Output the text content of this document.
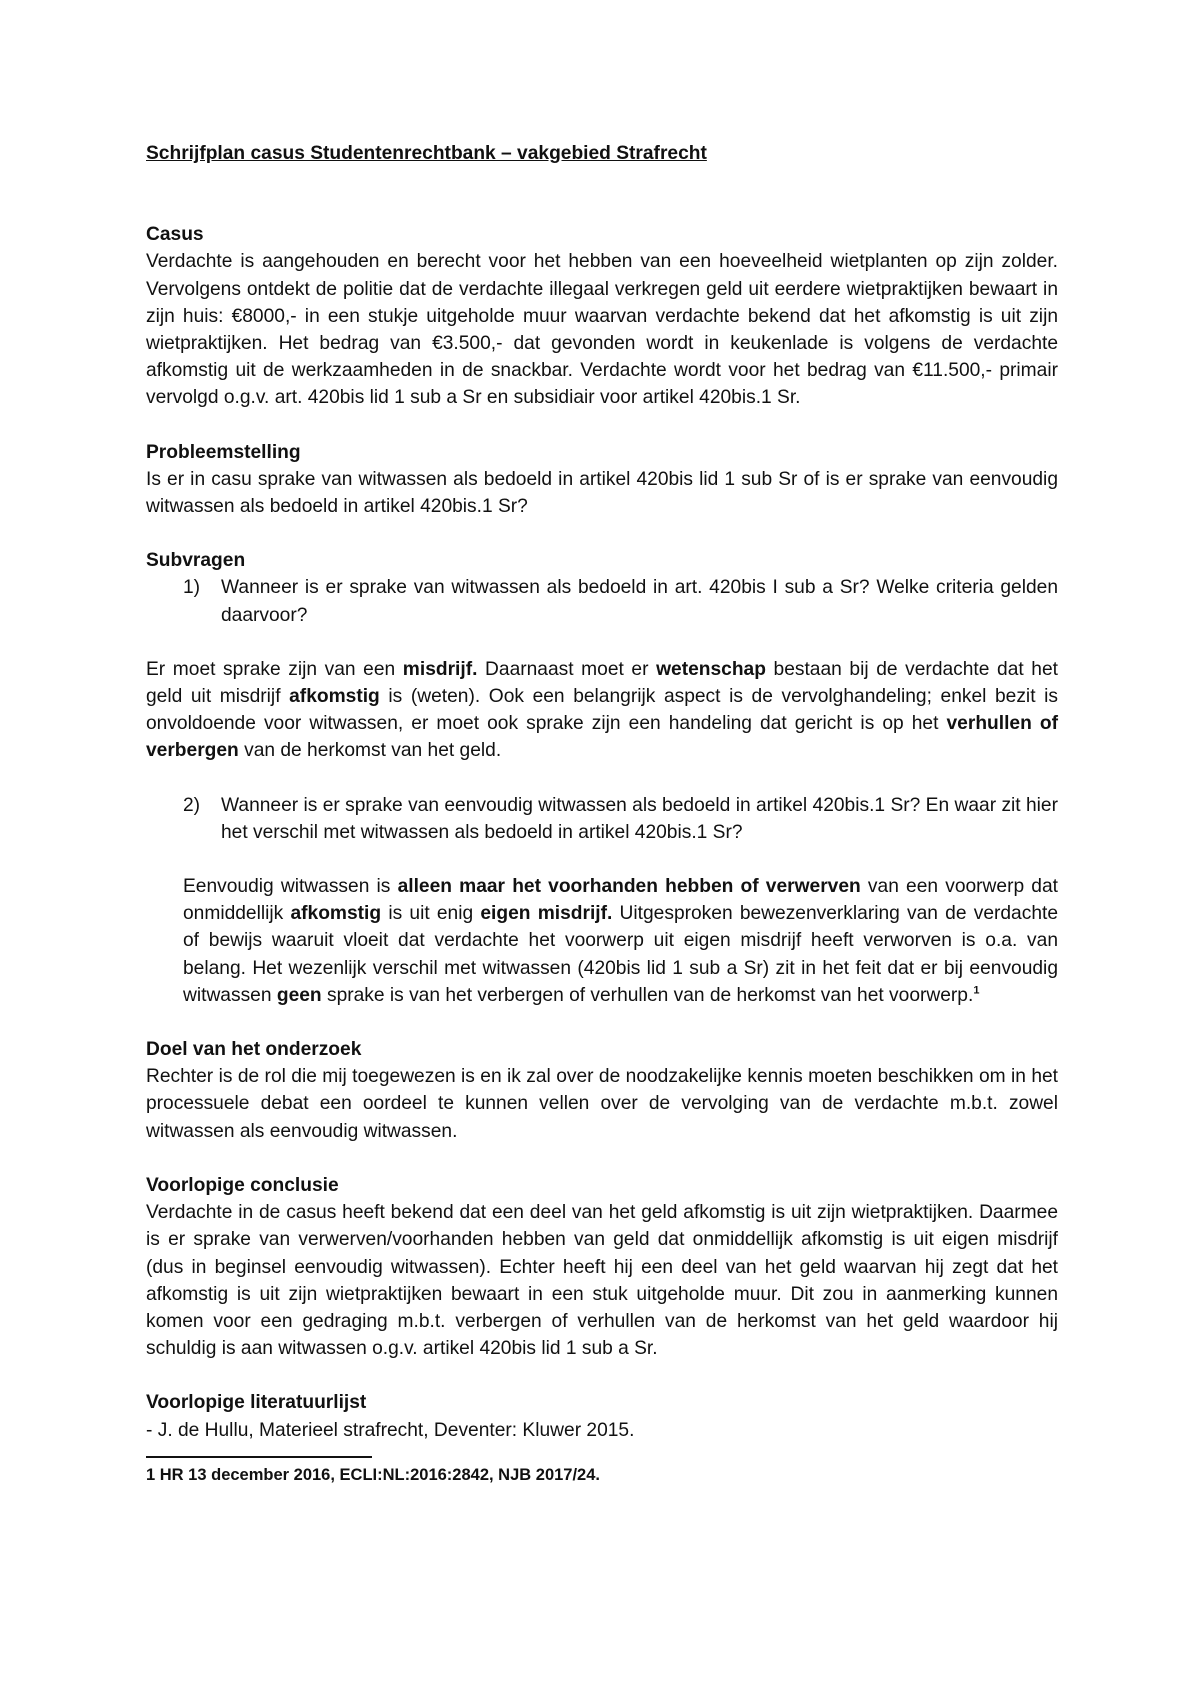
Schrijfplan casus Studentenrechtbank – vakgebied Strafrecht

Casus

Verdachte is aangehouden en berecht voor het hebben van een hoeveelheid wietplanten op zijn zolder. Vervolgens ontdekt de politie dat de verdachte illegaal verkregen geld uit eerdere wietpraktijken bewaart in zijn huis: €8000,- in een stukje uitgeholde muur waarvan verdachte bekend dat het afkomstig is uit zijn wietpraktijken. Het bedrag van €3.500,- dat gevonden wordt in keukenlade is volgens de verdachte afkomstig uit de werkzaamheden in de snackbar. Verdachte wordt voor het bedrag van €11.500,- primair vervolgd o.g.v. art. 420bis lid 1 sub a Sr en subsidiair voor artikel 420bis.1 Sr.

Probleemstelling

Is er in casu sprake van witwassen als bedoeld in artikel 420bis lid 1 sub Sr of is er sprake van eenvoudig witwassen als bedoeld in artikel 420bis.1 Sr?

Subvragen
1)	Wanneer is er sprake van witwassen als bedoeld in art. 420bis I sub a Sr? Welke criteria gelden daarvoor?

Er moet sprake zijn van een misdrijf. Daarnaast moet er wetenschap bestaan bij de verdachte dat het geld uit misdrijf afkomstig is (weten). Ook een belangrijk aspect is de vervolghandeling; enkel bezit is onvoldoende voor witwassen, er moet ook sprake zijn een handeling dat gericht is op het verhullen of verbergen van de herkomst van het geld.

2)	Wanneer is er sprake van eenvoudig witwassen als bedoeld in artikel 420bis.1 Sr? En waar zit hier het verschil met witwassen als bedoeld in artikel 420bis.1 Sr?

Eenvoudig witwassen is alleen maar het voorhanden hebben of verwerven van een voorwerp dat onmiddellijk afkomstig is uit enig eigen misdrijf. Uitgesproken bewezenverklaring van de verdachte of bewijs waaruit vloeit dat verdachte het voorwerp uit eigen misdrijf heeft verworven is o.a. van belang. Het wezenlijk verschil met witwassen (420bis lid 1 sub a Sr) zit in het feit dat er bij eenvoudig witwassen geen sprake is van het verbergen of verhullen van de herkomst van het voorwerp.$^1$

Doel van het onderzoek

Rechter is de rol die mij toegewezen is en ik zal over de noodzakelijke kennis moeten beschikken om in het processuele debat een oordeel te kunnen vellen over de vervolging van de verdachte m.b.t. zowel witwassen als eenvoudig witwassen.

Voorlopige conclusie

Verdachte in de casus heeft bekend dat een deel van het geld afkomstig is uit zijn wietpraktijken. Daarmee is er sprake van verwerven/voorhanden hebben van geld dat onmiddellijk afkomstig is uit eigen misdrijf (dus in beginsel eenvoudig witwassen). Echter heeft hij een deel van het geld waarvan hij zegt dat het afkomstig is uit zijn wietpraktijken bewaart in een stuk uitgeholde muur. Dit zou in aanmerking kunnen komen voor een gedraging m.b.t. verbergen of verhullen van de herkomst van het geld waardoor hij schuldig is aan witwassen o.g.v. artikel 420bis lid 1 sub a Sr.

Voorlopige literatuurlijst

- J. de Hullu, Materieel strafrecht, Deventer: Kluwer 2015.

1 HR 13 december 2016, ECLI:NL:2016:2842, NJB 2017/24.
